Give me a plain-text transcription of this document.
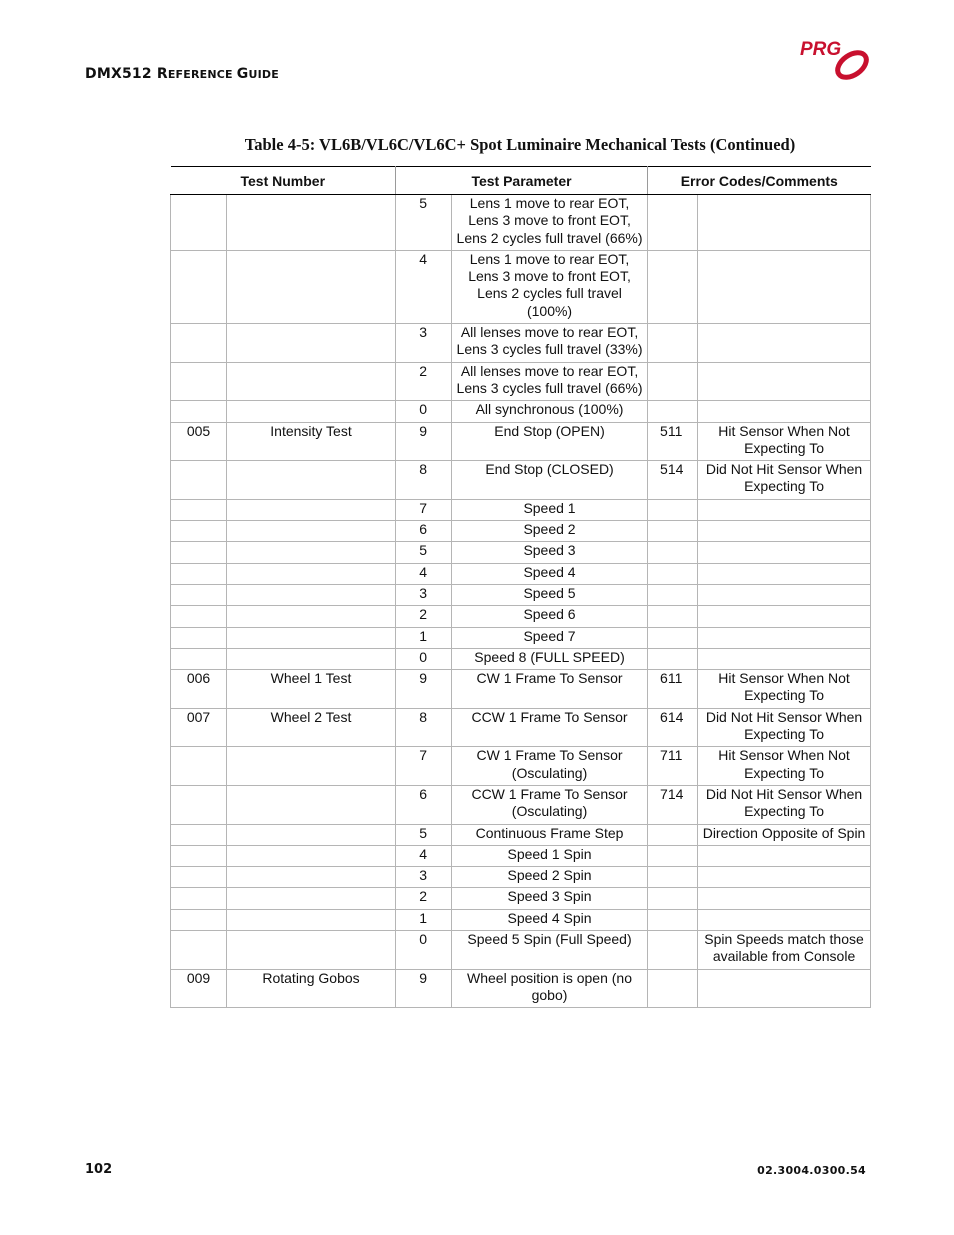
DMX512 REFERENCE GUIDE
PRG
Table 4-5: VL6B/VL6C/VL6C+ Spot Luminaire Mechanical Tests (Continued)
Test Number		Test Parameter		Error Codes/Comments	
		5	Lens 1 move to rear EOT, Lens 3 move to front EOT, Lens 2 cycles full travel (66%)		
		4	Lens 1 move to rear EOT, Lens 3 move to front EOT, Lens 2 cycles full travel (100%)		
		3	All lenses move to rear EOT, Lens 3 cycles full travel (33%)		
		2	All lenses move to rear EOT, Lens 3 cycles full travel (66%)		
		0	All synchronous (100%)		
005	Intensity Test	9	End Stop (OPEN)	511	Hit Sensor When Not Expecting To
		8	End Stop (CLOSED)	514	Did Not Hit Sensor When Expecting To
		7	Speed 1		
		6	Speed 2		
		5	Speed 3		
		4	Speed 4		
		3	Speed 5		
		2	Speed 6		
		1	Speed 7		
		0	Speed 8 (FULL SPEED)		
006	Wheel 1 Test	9	CW 1 Frame To Sensor	611	Hit Sensor When Not Expecting To
007	Wheel 2 Test	8	CCW 1 Frame To Sensor	614	Did Not Hit Sensor When Expecting To
		7	CW 1 Frame To Sensor (Osculating)	711	Hit Sensor When Not Expecting To
		6	CCW 1 Frame To Sensor (Osculating)	714	Did Not Hit Sensor When Expecting To
		5	Continuous Frame Step		Direction Opposite of Spin
		4	Speed 1 Spin		
		3	Speed 2 Spin		
		2	Speed 3 Spin		
		1	Speed 4 Spin		
		0	Speed 5 Spin (Full Speed)		Spin Speeds match those available from Console
009	Rotating Gobos	9	Wheel position is open (no gobo)		
102	02.3004.0300.54
